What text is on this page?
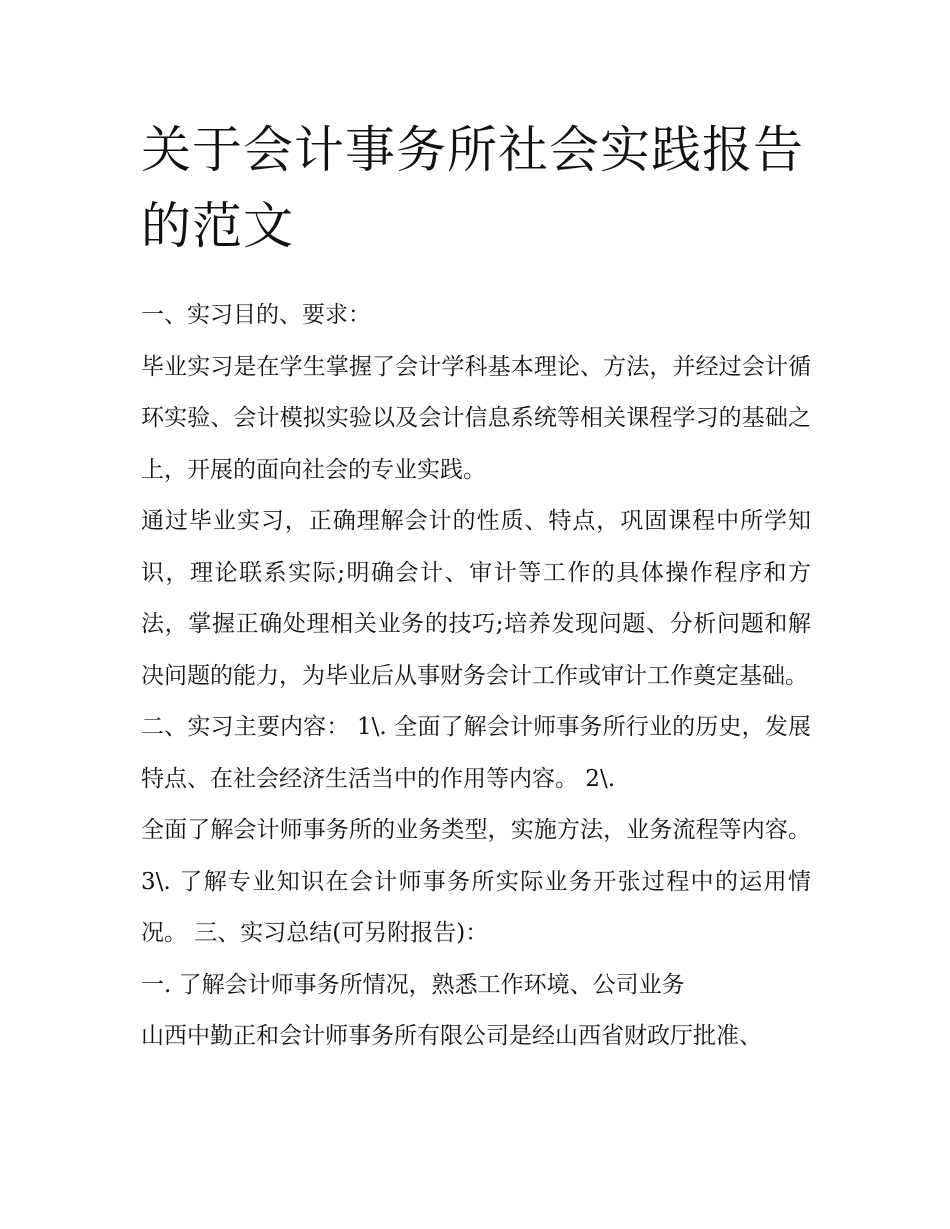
关于会计事务所社会实践报告的范文

一、实习目的、要求：

毕业实习是在学生掌握了会计学科基本理论、方法，并经过会计循环实验、会计模拟实验以及会计信息系统等相关课程学习的基础之上，开展的面向社会的专业实践。

通过毕业实习，正确理解会计的性质、特点，巩固课程中所学知识，理论联系实际;明确会计、审计等工作的具体操作程序和方法，掌握正确处理相关业务的技巧;培养发现问题、分析问题和解决问题的能力，为毕业后从事财务会计工作或审计工作奠定基础。

二、实习主要内容： 1\. 全面了解会计师事务所行业的历史，发展特点、在社会经济生活当中的作用等内容。 2\.

全面了解会计师事务所的业务类型，实施方法，业务流程等内容。 3\. 了解专业知识在会计师事务所实际业务开张过程中的运用情况。 三、实习总结(可另附报告)：

一. 了解会计师事务所情况，熟悉工作环境、公司业务

山西中勤正和会计师事务所有限公司是经山西省财政厅批准、
